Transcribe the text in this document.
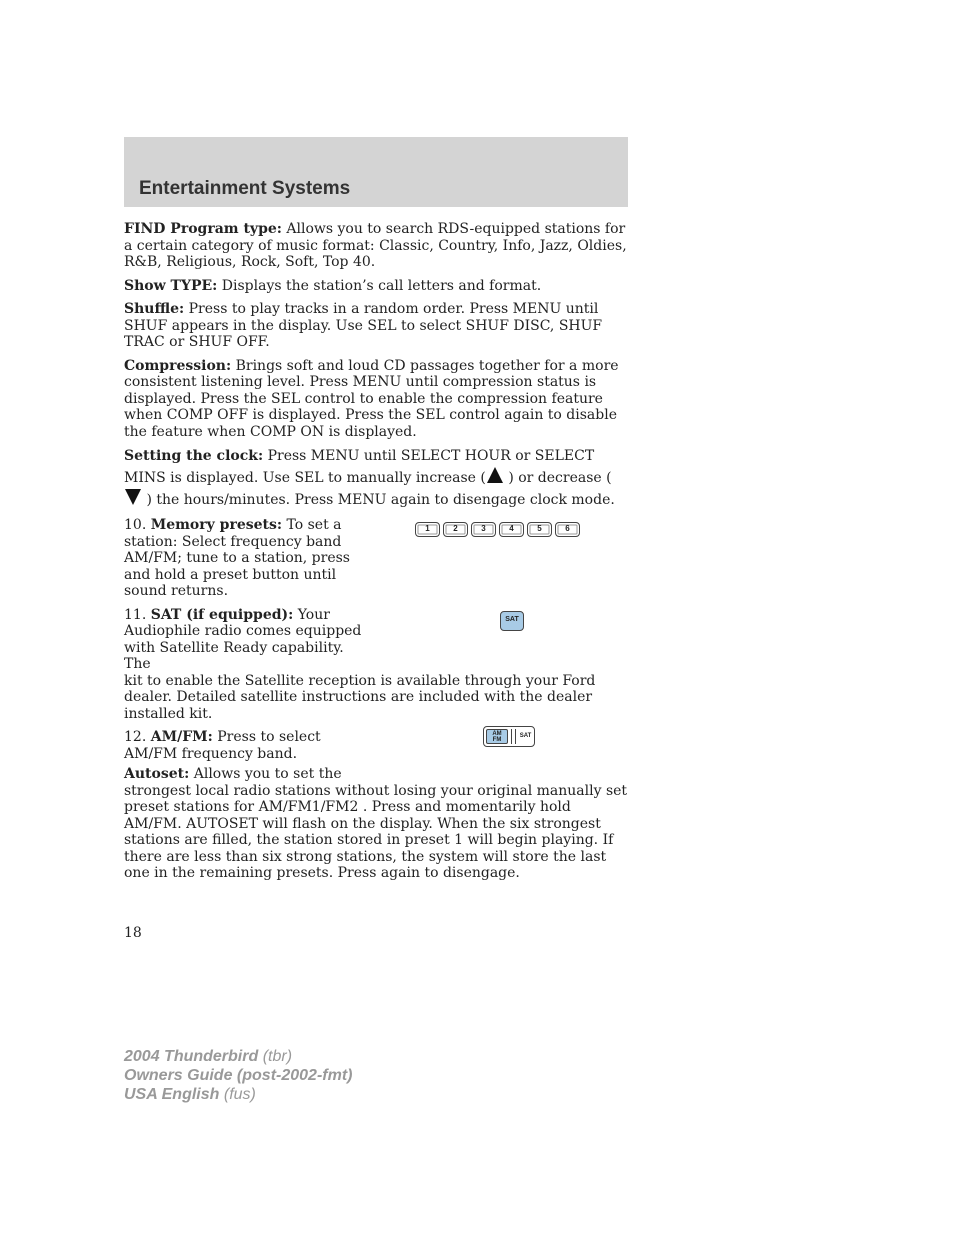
Entertainment Systems

FIND Program type: Allows you to search RDS-equipped stations for a certain category of music format: Classic, Country, Info, Jazz, Oldies, R&B, Religious, Rock, Soft, Top 40.

Show TYPE: Displays the station’s call letters and format.

Shuffle: Press to play tracks in a random order. Press MENU until SHUF appears in the display. Use SEL to select SHUF DISC, SHUF TRAC or SHUF OFF.

Compression: Brings soft and loud CD passages together for a more consistent listening level. Press MENU until compression status is displayed. Press the SEL control to enable the compression feature when COMP OFF is displayed. Press the SEL control again to disable the feature when COMP ON is displayed.

Setting the clock: Press MENU until SELECT HOUR or SELECT MINS is displayed. Use SEL to manually increase ( ) or decrease ( ) the hours/minutes. Press MENU again to disengage clock mode.

10. Memory presets: To set a station: Select frequency band AM/FM; tune to a station, press and hold a preset button until sound returns.

1	2	3	4	5	6

11. SAT (if equipped): Your Audiophile radio comes equipped with Satellite Ready capability. The

kit to enable the Satellite reception is available through your Ford dealer. Detailed satellite instructions are included with the dealer installed kit.

SAT

12. AM/FM: Press to select AM/FM frequency band.

AM
FM
SAT

Autoset: Allows you to set the
strongest local radio stations without losing your original manually set preset stations for AM/FM1/FM2 . Press and momentarily hold AM/FM. AUTOSET will flash on the display. When the six strongest stations are filled, the station stored in preset 1 will begin playing. If there are less than six strong stations, the system will store the last one in the remaining presets. Press again to disengage.

18
2004 Thunderbird (tbr)
Owners Guide (post-2002-fmt)
USA English (fus)
